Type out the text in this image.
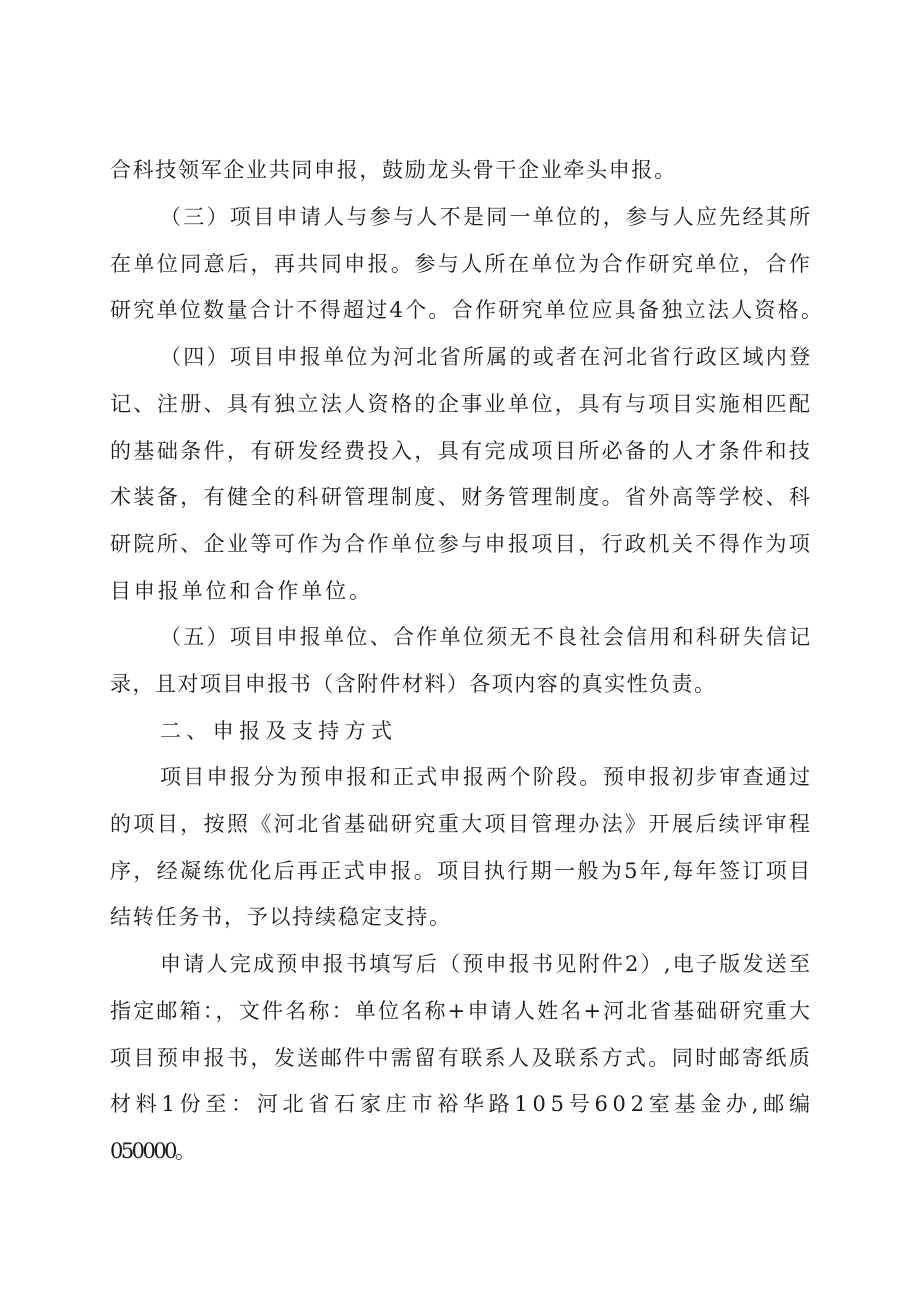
合科技领军企业共同申报，鼓励龙头骨干企业牵头申报。
（三）项目申请人与参与人不是同一单位的，参与人应先经其所
在单位同意后，再共同申报。参与人所在单位为合作研究单位，合作
研究单位数量合计不得超过4个。合作研究单位应具备独立法人资格。
（四）项目申报单位为河北省所属的或者在河北省行政区域内登
记、注册、具有独立法人资格的企事业单位，具有与项目实施相匹配
的基础条件，有研发经费投入，具有完成项目所必备的人才条件和技
术装备，有健全的科研管理制度、财务管理制度。省外高等学校、科
研院所、企业等可作为合作单位参与申报项目，行政机关不得作为项
目申报单位和合作单位。
（五）项目申报单位、合作单位须无不良社会信用和科研失信记
录，且对项目申报书（含附件材料）各项内容的真实性负责。
二、申报及支持方式
项目申报分为预申报和正式申报两个阶段。预申报初步审查通过
的项目，按照《河北省基础研究重大项目管理办法》开展后续评审程
序，经凝练优化后再正式申报。项目执行期一般为5年,每年签订项目
结转任务书，予以持续稳定支持。
申请人完成预申报书填写后（预申报书见附件2）,电子版发送至
指定邮箱：，文件名称：单位名称+申请人姓名+河北省基础研究重大
项目预申报书，发送邮件中需留有联系人及联系方式。同时邮寄纸质
材料1份至：河北省石家庄市裕华路105号602室基金办,邮编
050000。
